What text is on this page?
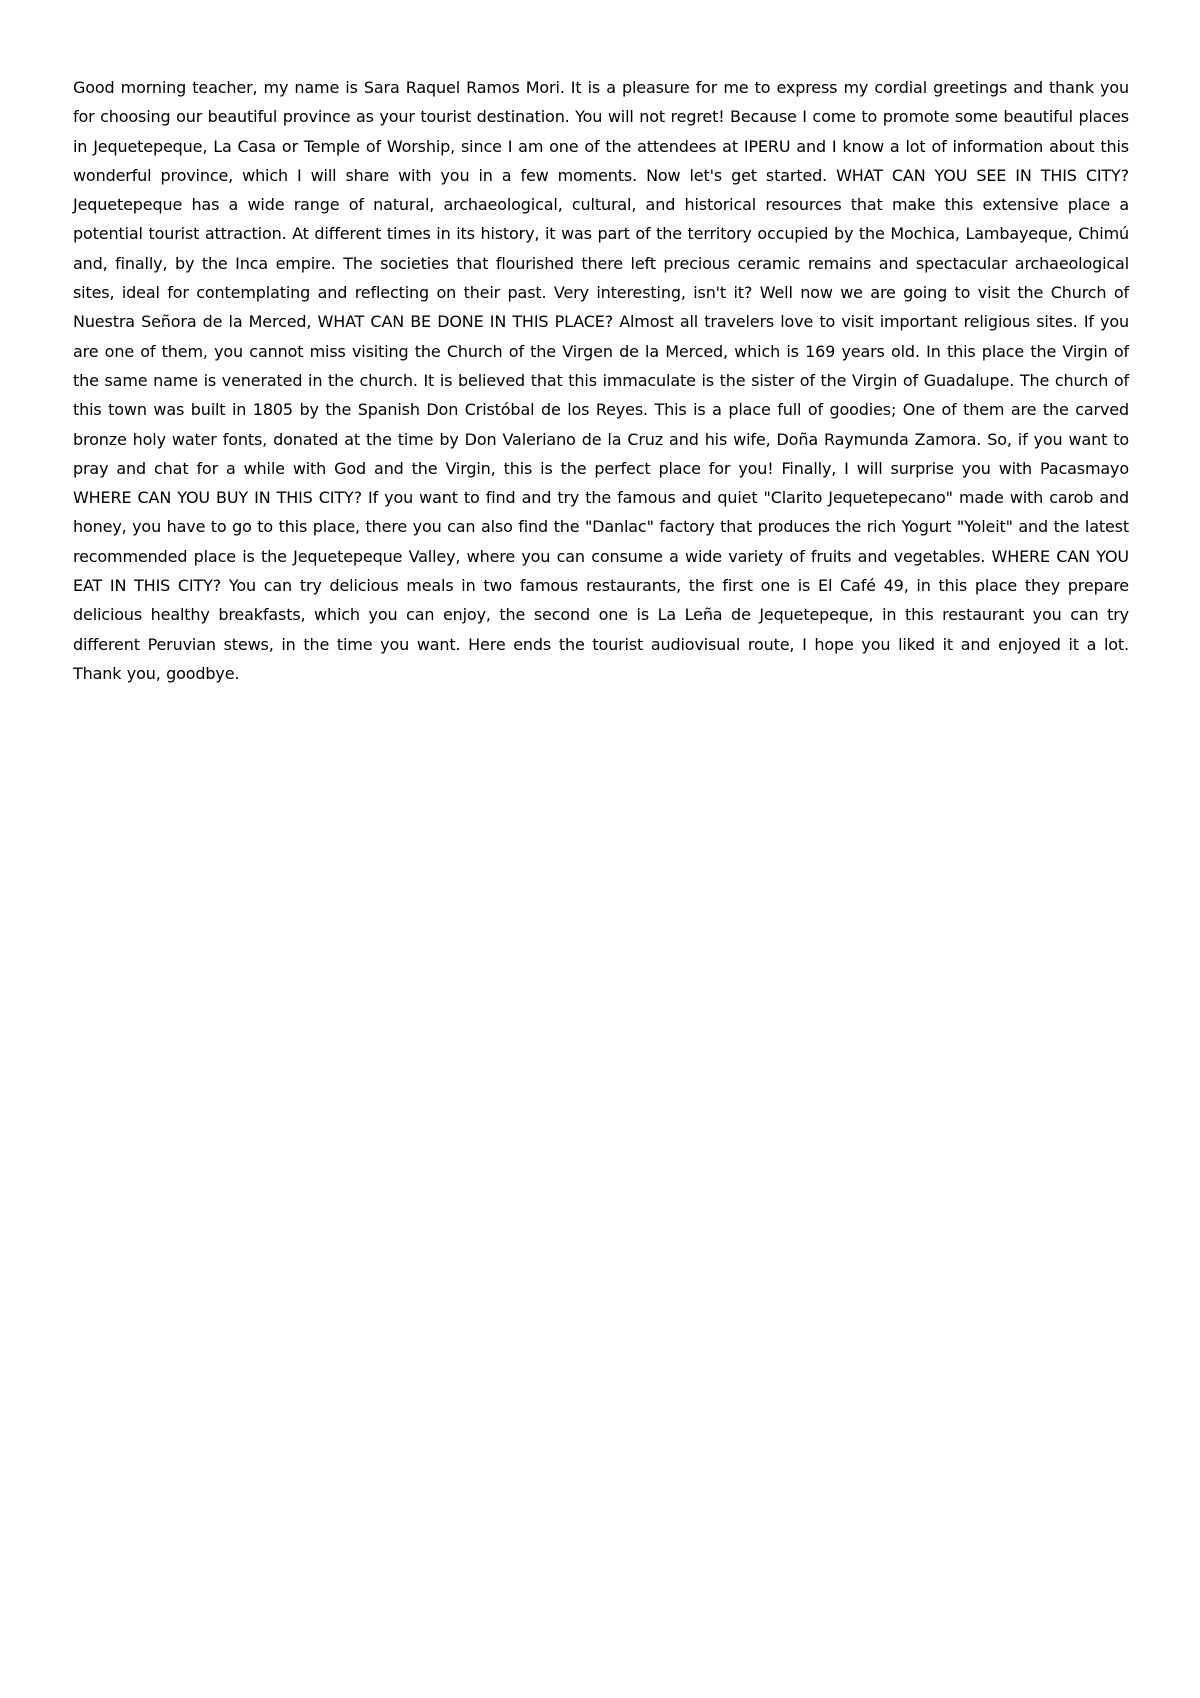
Good morning teacher, my name is Sara Raquel Ramos Mori. It is a pleasure for me to express my cordial greetings and thank you for choosing our beautiful province as your tourist destination. You will not regret! Because I come to promote some beautiful places in Jequetepeque, La Casa or Temple of Worship, since I am one of the attendees at IPERU and I know a lot of information about this wonderful province, which I will share with you in a few moments. Now let's get started. WHAT CAN YOU SEE IN THIS CITY? Jequetepeque has a wide range of natural, archaeological, cultural, and historical resources that make this extensive place a potential tourist attraction. At different times in its history, it was part of the territory occupied by the Mochica, Lambayeque, Chimú and, finally, by the Inca empire. The societies that flourished there left precious ceramic remains and spectacular archaeological sites, ideal for contemplating and reflecting on their past. Very interesting, isn't it? Well now we are going to visit the Church of Nuestra Señora de la Merced, WHAT CAN BE DONE IN THIS PLACE? Almost all travelers love to visit important religious sites. If you are one of them, you cannot miss visiting the Church of the Virgen de la Merced, which is 169 years old. In this place the Virgin of the same name is venerated in the church. It is believed that this immaculate is the sister of the Virgin of Guadalupe. The church of this town was built in 1805 by the Spanish Don Cristóbal de los Reyes. This is a place full of goodies; One of them are the carved bronze holy water fonts, donated at the time by Don Valeriano de la Cruz and his wife, Doña Raymunda Zamora. So, if you want to pray and chat for a while with God and the Virgin, this is the perfect place for you! Finally, I will surprise you with Pacasmayo WHERE CAN YOU BUY IN THIS CITY? If you want to find and try the famous and quiet "Clarito Jequetepecano" made with carob and honey, you have to go to this place, there you can also find the "Danlac" factory that produces the rich Yogurt "Yoleit" and the latest recommended place is the Jequetepeque Valley, where you can consume a wide variety of fruits and vegetables. WHERE CAN YOU EAT IN THIS CITY? You can try delicious meals in two famous restaurants, the first one is El Café 49, in this place they prepare delicious healthy breakfasts, which you can enjoy, the second one is La Leña de Jequetepeque, in this restaurant you can try different Peruvian stews, in the time you want. Here ends the tourist audiovisual route, I hope you liked it and enjoyed it a lot. Thank you, goodbye.
